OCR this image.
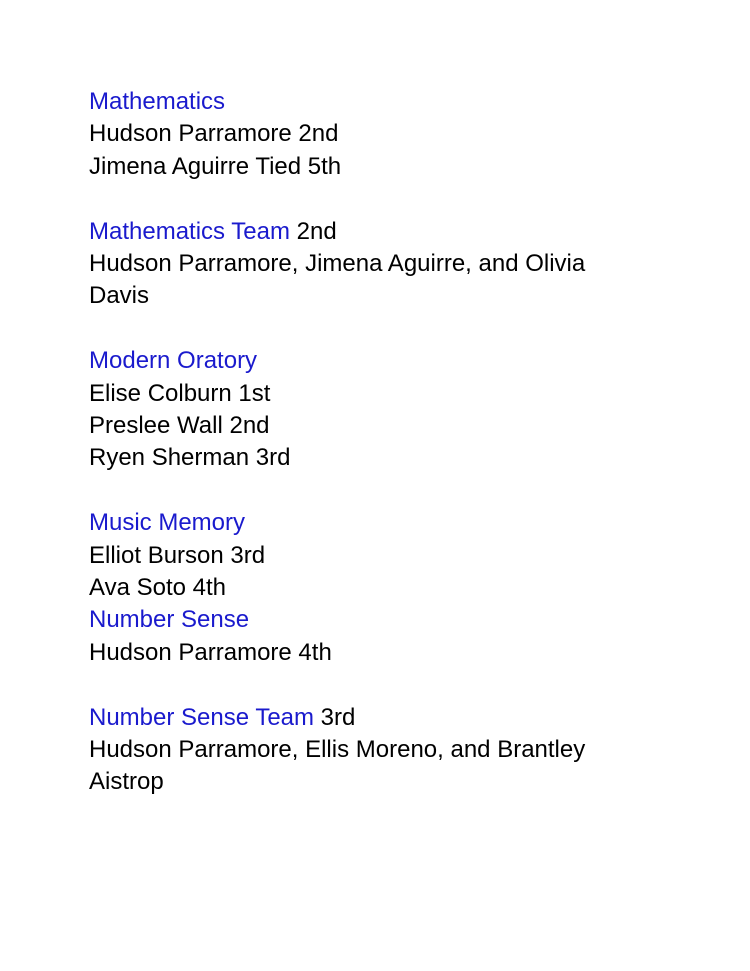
Mathematics

Hudson Parramore 2nd

Jimena Aguirre Tied 5th

Mathematics Team 2nd

Hudson Parramore, Jimena Aguirre, and Olivia

Davis

Modern Oratory

Elise Colburn 1st

Preslee Wall 2nd

Ryen Sherman 3rd

Music Memory

Elliot Burson 3rd

Ava Soto 4th

Number Sense

Hudson Parramore 4th

Number Sense Team 3rd

Hudson Parramore, Ellis Moreno, and Brantley

Aistrop
